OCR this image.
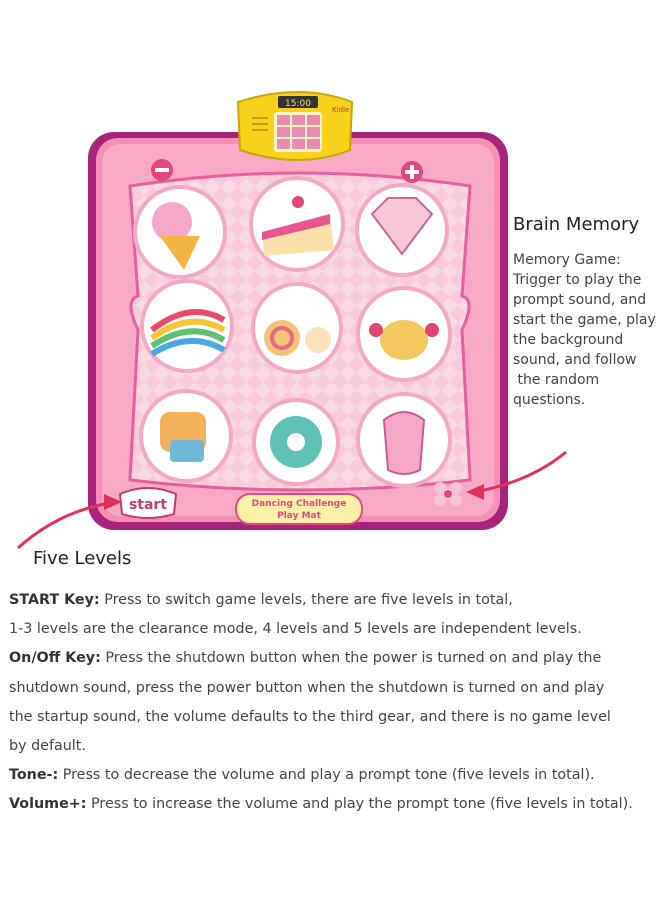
15:00
Kidle
start	Dancing Challenge
Play Mat
Brain Memory
Memory Game:
Trigger to play the
prompt sound, and
start the game, play
the background
sound, and follow
the random
questions.
Five Levels
START Key: Press to switch game levels, there are five levels in total,
1-3 levels are the clearance mode, 4 levels and 5 levels are independent levels.
On/Off Key: Press the shutdown button when the power is turned on and play the
shutdown sound, press the power button when the shutdown is turned on and play
the startup sound, the volume defaults to the third gear, and there is no game level
by default.
Tone-: Press to decrease the volume and play a prompt tone (five levels in total).
Volume+: Press to increase the volume and play the prompt tone (five levels in total).
